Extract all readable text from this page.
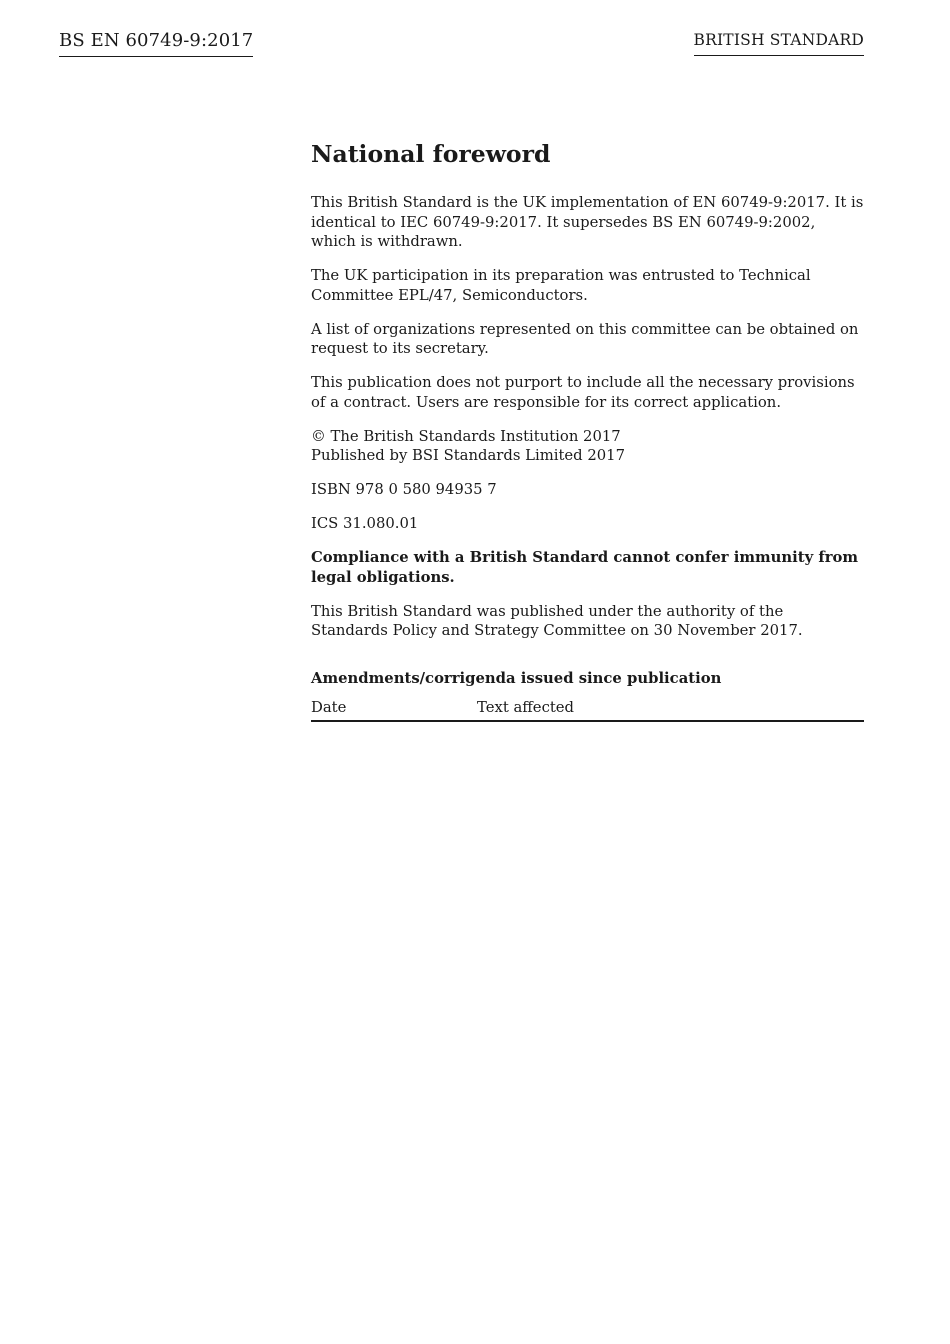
BS EN 60749-9:2017	BRITISH STANDARD
National foreword

This British Standard is the UK implementation of EN 60749-9:2017. It is identical to IEC 60749-9:2017. It supersedes BS EN 60749-9:2002, which is withdrawn.

The UK participation in its preparation was entrusted to Technical Committee EPL/47, Semiconductors.

A list of organizations represented on this committee can be obtained on request to its secretary.

This publication does not purport to include all the necessary provisions of a contract. Users are responsible for its correct application.

© The British Standards Institution 2017
Published by BSI Standards Limited 2017

ISBN 978 0 580 94935 7

ICS 31.080.01

Compliance with a British Standard cannot confer immunity from legal obligations.

This British Standard was published under the authority of the Standards Policy and Strategy Committee on 30 November 2017.

Amendments/corrigenda issued since publication
Date	Text affected
